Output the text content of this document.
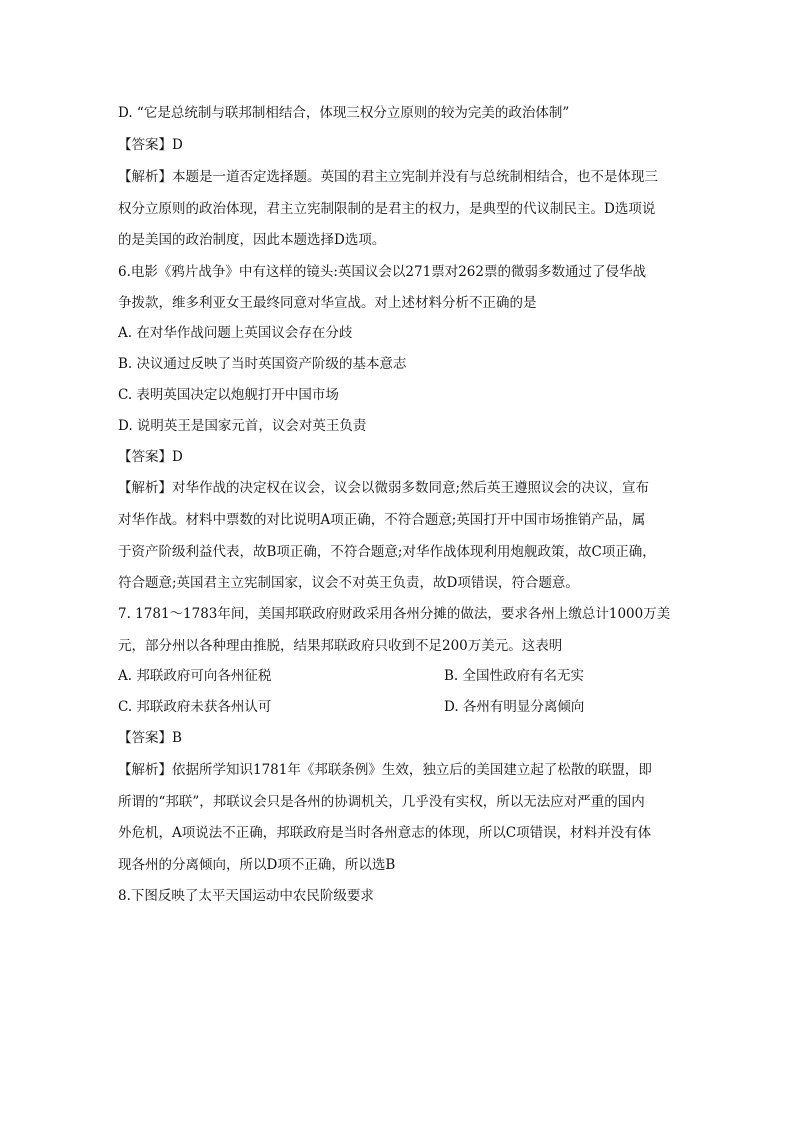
D. “它是总统制与联邦制相结合，体现三权分立原则的较为完美的政治体制”
【答案】D
【解析】本题是一道否定选择题。英国的君主立宪制并没有与总统制相结合，也不是体现三
权分立原则的政治体现，君主立宪制限制的是君主的权力，是典型的代议制民主。D选项说
的是美国的政治制度，因此本题选择D选项。
6.电影《鸦片战争》中有这样的镜头:英国议会以271票对262票的微弱多数通过了侵华战
争拨款，维多利亚女王最终同意对华宣战。对上述材料分析不正确的是
A. 在对华作战问题上英国议会存在分歧
B. 决议通过反映了当时英国资产阶级的基本意志
C. 表明英国决定以炮舰打开中国市场
D. 说明英王是国家元首，议会对英王负责
【答案】D
【解析】对华作战的决定权在议会，议会以微弱多数同意;然后英王遵照议会的决议，宣布
对华作战。材料中票数的对比说明A项正确，不符合题意;英国打开中国市场推销产品，属
于资产阶级利益代表，故B项正确，不符合题意;对华作战体现利用炮舰政策，故C项正确，
符合题意;英国君主立宪制国家，议会不对英王负责，故D项错误，符合题意。
7. 1781～1783年间，美国邦联政府财政采用各州分摊的做法，要求各州上缴总计1000万美
元，部分州以各种理由推脱，结果邦联政府只收到不足200万美元。这表明
A. 邦联政府可向各州征税	B. 全国性政府有名无实
C. 邦联政府未获各州认可	D. 各州有明显分离倾向
【答案】B
【解析】依据所学知识1781年《邦联条例》生效，独立后的美国建立起了松散的联盟，即
所谓的“邦联”，邦联议会只是各州的协调机关，几乎没有实权，所以无法应对严重的国内
外危机，A项说法不正确，邦联政府是当时各州意志的体现，所以C项错误，材料并没有体
现各州的分离倾向，所以D项不正确，所以选B
8.下图反映了太平天国运动中农民阶级要求
